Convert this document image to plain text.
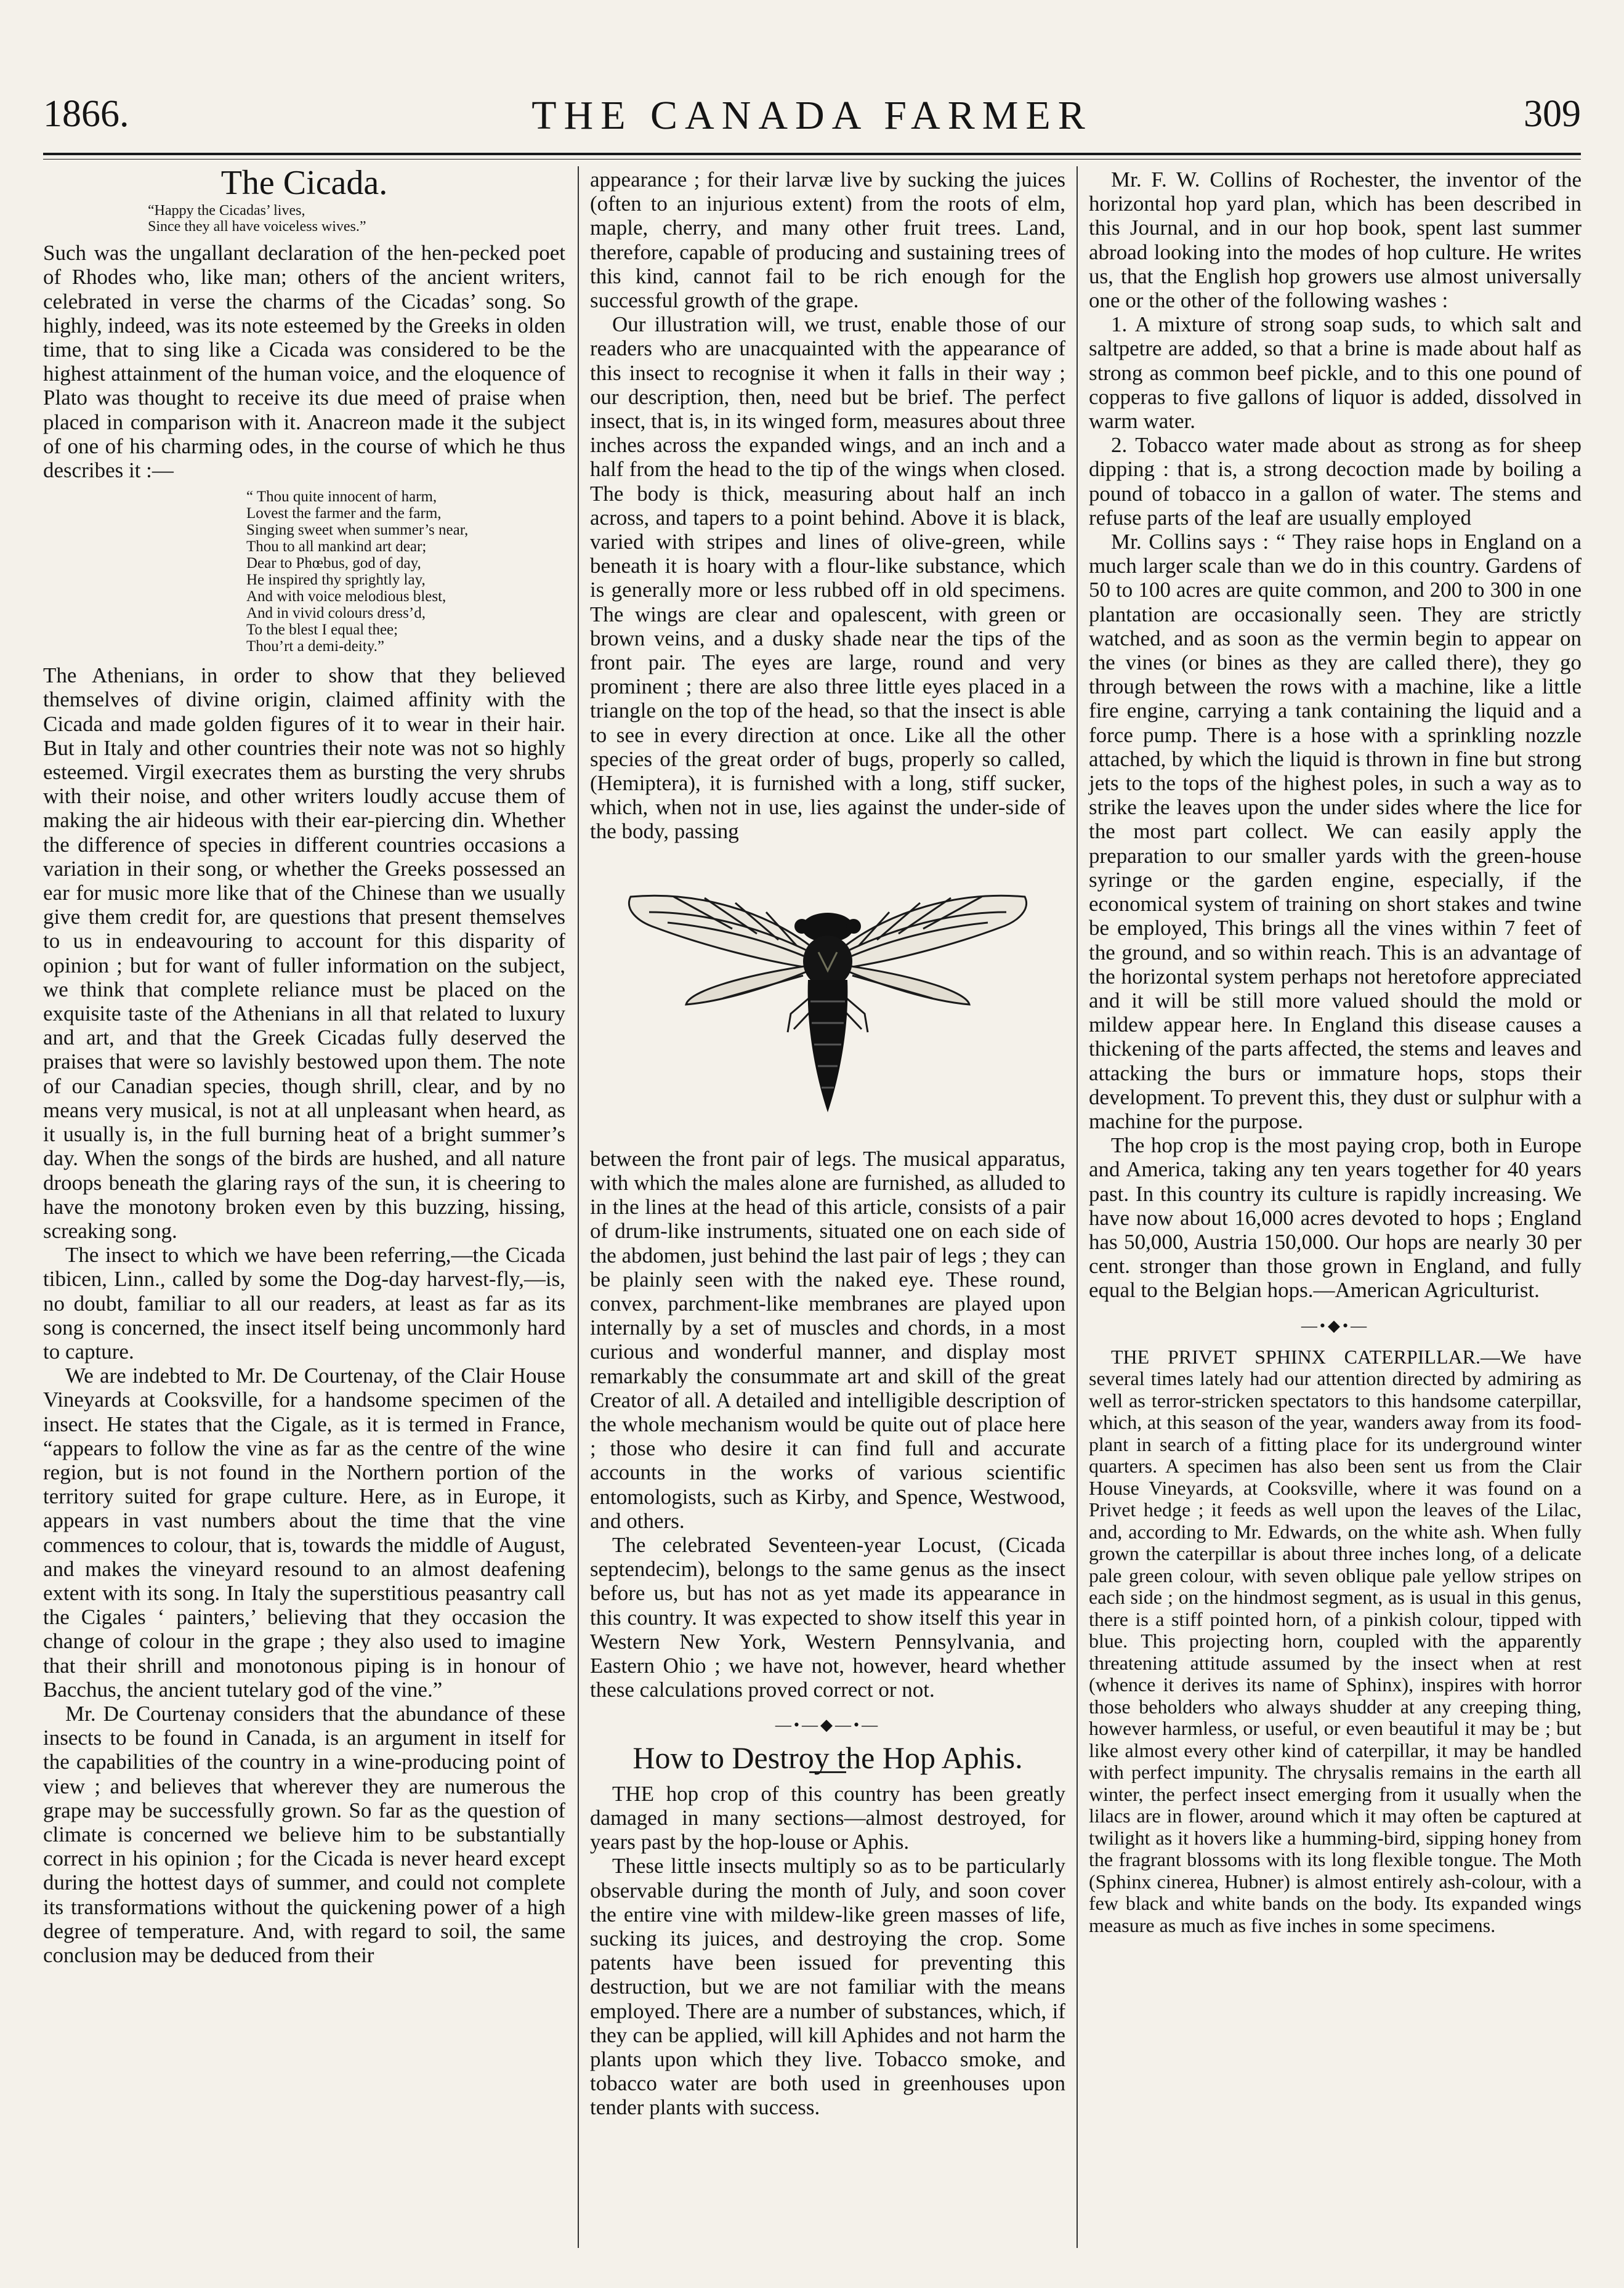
1866.	THE CANADA FARMER	309
The Cicada.
“Happy the Cicadas’ lives,
Since they all have voiceless wives.”

Such was the ungallant declaration of the hen-pecked poet of Rhodes who, like man; others of the ancient writers, celebrated in verse the charms of the Cicadas’ song. So highly, indeed, was its note esteemed by the Greeks in olden time, that to sing like a Cicada was considered to be the highest attainment of the human voice, and the eloquence of Plato was thought to receive its due meed of praise when placed in comparison with it. Anacreon made it the subject of one of his charming odes, in the course of which he thus describes it :—

“ Thou quite innocent of harm,
Lovest the farmer and the farm,
Singing sweet when summer’s near,
Thou to all mankind art dear;
Dear to Phœbus, god of day,
He inspired thy sprightly lay,
And with voice melodious blest,
And in vivid colours dress’d,
To the blest I equal thee;
Thou’rt a demi-deity.”

The Athenians, in order to show that they believed themselves of divine origin, claimed affinity with the Cicada and made golden figures of it to wear in their hair. But in Italy and other countries their note was not so highly esteemed. Virgil execrates them as bursting the very shrubs with their noise, and other writers loudly accuse them of making the air hideous with their ear-piercing din. Whether the difference of species in different countries occasions a variation in their song, or whether the Greeks possessed an ear for music more like that of the Chinese than we usually give them credit for, are questions that present themselves to us in endeavouring to account for this disparity of opinion ; but for want of fuller information on the subject, we think that complete reliance must be placed on the exquisite taste of the Athenians in all that related to luxury and art, and that the Greek Cicadas fully deserved the praises that were so lavishly bestowed upon them. The note of our Canadian species, though shrill, clear, and by no means very musical, is not at all unpleasant when heard, as it usually is, in the full burning heat of a bright summer’s day. When the songs of the birds are hushed, and all nature droops beneath the glaring rays of the sun, it is cheering to have the monotony broken even by this buzzing, hissing, screaking song.

The insect to which we have been referring,—the Cicada tibicen, Linn., called by some the Dog-day harvest-fly,—is, no doubt, familiar to all our readers, at least as far as its song is concerned, the insect itself being uncommonly hard to capture.

We are indebted to Mr. De Courtenay, of the Clair House Vineyards at Cooksville, for a handsome specimen of the insect. He states that the Cigale, as it is termed in France, “appears to follow the vine as far as the centre of the wine region, but is not found in the Northern portion of the territory suited for grape culture. Here, as in Europe, it appears in vast numbers about the time that the vine commences to colour, that is, towards the middle of August, and makes the vineyard resound to an almost deafening extent with its song. In Italy the superstitious peasantry call the Cigales ‘ painters,’ believing that they occasion the change of colour in the grape ; they also used to imagine that their shrill and monotonous piping is in honour of Bacchus, the ancient tutelary god of the vine.”

Mr. De Courtenay considers that the abundance of these insects to be found in Canada, is an argument in itself for the capabilities of the country in a wine-producing point of view ; and believes that wherever they are numerous the grape may be successfully grown. So far as the question of climate is concerned we believe him to be substantially correct in his opinion ; for the Cicada is never heard except during the hottest days of summer, and could not complete its transformations without the quickening power of a high degree of temperature. And, with regard to soil, the same conclusion may be deduced from their

appearance ; for their larvæ live by sucking the juices (often to an injurious extent) from the roots of elm, maple, cherry, and many other fruit trees. Land, therefore, capable of producing and sustaining trees of this kind, cannot fail to be rich enough for the successful growth of the grape.

Our illustration will, we trust, enable those of our readers who are unacquainted with the appearance of this insect to recognise it when it falls in their way ; our description, then, need but be brief. The perfect insect, that is, in its winged form, measures about three inches across the expanded wings, and an inch and a half from the head to the tip of the wings when closed. The body is thick, measuring about half an inch across, and tapers to a point behind. Above it is black, varied with stripes and lines of olive-green, while beneath it is hoary with a flour-like substance, which is generally more or less rubbed off in old specimens. The wings are clear and opalescent, with green or brown veins, and a dusky shade near the tips of the front pair. The eyes are large, round and very prominent ; there are also three little eyes placed in a triangle on the top of the head, so that the insect is able to see in every direction at once. Like all the other species of the great order of bugs, properly so called, (Hemiptera), it is furnished with a long, stiff sucker, which, when not in use, lies against the under-side of the body, passing

between the front pair of legs. The musical apparatus, with which the males alone are furnished, as alluded to in the lines at the head of this article, consists of a pair of drum-like instruments, situated one on each side of the abdomen, just behind the last pair of legs ; they can be plainly seen with the naked eye. These round, convex, parchment-like membranes are played upon internally by a set of muscles and chords, in a most curious and wonderful manner, and display most remarkably the consummate art and skill of the great Creator of all. A detailed and intelligible description of the whole mechanism would be quite out of place here ; those who desire it can find full and accurate accounts in the works of various scientific entomologists, such as Kirby, and Spence, Westwood, and others.

The celebrated Seventeen-year Locust, (Cicada septendecim), belongs to the same genus as the insect before us, but has not as yet made its appearance in this country. It was expected to show itself this year in Western New York, Western Pennsylvania, and Eastern Ohio ; we have not, however, heard whether these calculations proved correct or not.

—•—◆—•—
How to Destroy the Hop Aphis.

THE hop crop of this country has been greatly damaged in many sections—almost destroyed, for years past by the hop-louse or Aphis.

These little insects multiply so as to be particularly observable during the month of July, and soon cover the entire vine with mildew-like green masses of life, sucking its juices, and destroying the crop. Some patents have been issued for preventing this destruction, but we are not familiar with the means employed. There are a number of substances, which, if they can be applied, will kill Aphides and not harm the plants upon which they live. Tobacco smoke, and tobacco water are both used in greenhouses upon tender plants with success.

Mr. F. W. Collins of Rochester, the inventor of the horizontal hop yard plan, which has been described in this Journal, and in our hop book, spent last summer abroad looking into the modes of hop culture. He writes us, that the English hop growers use almost universally one or the other of the following washes :

1. A mixture of strong soap suds, to which salt and saltpetre are added, so that a brine is made about half as strong as common beef pickle, and to this one pound of copperas to five gallons of liquor is added, dissolved in warm water.

2. Tobacco water made about as strong as for sheep dipping : that is, a strong decoction made by boiling a pound of tobacco in a gallon of water. The stems and refuse parts of the leaf are usually employed

Mr. Collins says : “ They raise hops in England on a much larger scale than we do in this country. Gardens of 50 to 100 acres are quite common, and 200 to 300 in one plantation are occasionally seen. They are strictly watched, and as soon as the vermin begin to appear on the vines (or bines as they are called there), they go through between the rows with a machine, like a little fire engine, carrying a tank containing the liquid and a force pump. There is a hose with a sprinkling nozzle attached, by which the liquid is thrown in fine but strong jets to the tops of the highest poles, in such a way as to strike the leaves upon the under sides where the lice for the most part collect. We can easily apply the preparation to our smaller yards with the green-house syringe or the garden engine, especially, if the economical system of training on short stakes and twine be employed, This brings all the vines within 7 feet of the ground, and so within reach. This is an advantage of the horizontal system perhaps not heretofore appreciated and it will be still more valued should the mold or mildew appear here. In England this disease causes a thickening of the parts affected, the stems and leaves and attacking the burs or immature hops, stops their development. To prevent this, they dust or sulphur with a machine for the purpose.

The hop crop is the most paying crop, both in Europe and America, taking any ten years together for 40 years past. In this country its culture is rapidly increasing. We have now about 16,000 acres devoted to hops ; England has 50,000, Austria 150,000. Our hops are nearly 30 per cent. stronger than those grown in England, and fully equal to the Belgian hops.—American Agriculturist.

—•◆•—

THE PRIVET SPHINX CATERPILLAR.—We have several times lately had our attention directed by admiring as well as terror-stricken spectators to this handsome caterpillar, which, at this season of the year, wanders away from its food-plant in search of a fitting place for its underground winter quarters. A specimen has also been sent us from the Clair House Vineyards, at Cooksville, where it was found on a Privet hedge ; it feeds as well upon the leaves of the Lilac, and, according to Mr. Edwards, on the white ash. When fully grown the caterpillar is about three inches long, of a delicate pale green colour, with seven oblique pale yellow stripes on each side ; on the hindmost segment, as is usual in this genus, there is a stiff pointed horn, of a pinkish colour, tipped with blue. This projecting horn, coupled with the apparently threatening attitude assumed by the insect when at rest (whence it derives its name of Sphinx), inspires with horror those beholders who always shudder at any creeping thing, however harmless, or useful, or even beautiful it may be ; but like almost every other kind of caterpillar, it may be handled with perfect impunity. The chrysalis remains in the earth all winter, the perfect insect emerging from it usually when the lilacs are in flower, around which it may often be captured at twilight as it hovers like a humming-bird, sipping honey from the fragrant blossoms with its long flexible tongue. The Moth (Sphinx cinerea, Hubner) is almost entirely ash-colour, with a few black and white bands on the body. Its expanded wings measure as much as five inches in some specimens.
